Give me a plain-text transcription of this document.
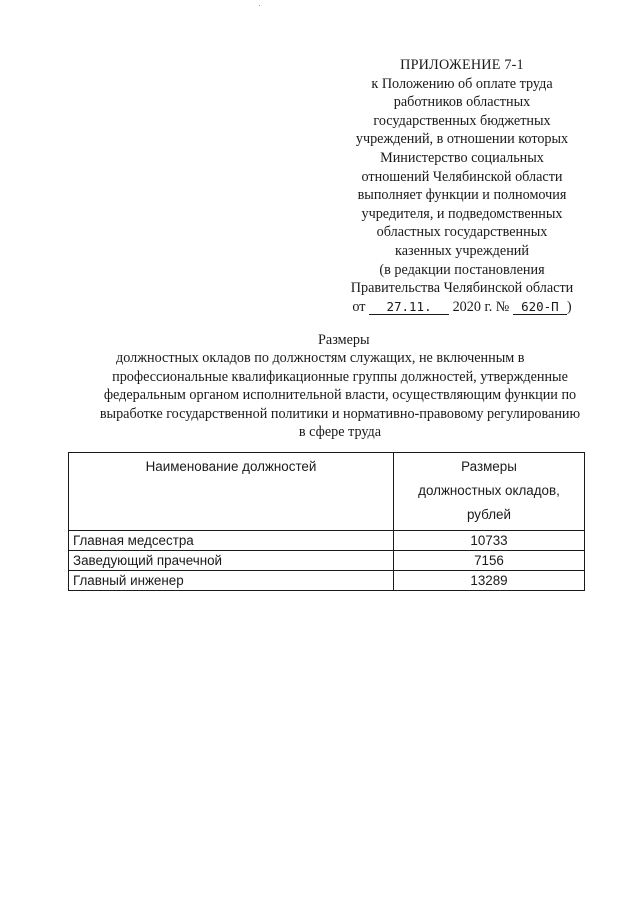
ПРИЛОЖЕНИЕ 7-1
к Положению об оплате труда
работников областных
государственных бюджетных
учреждений, в отношении которых
Министерство социальных
отношений Челябинской области
выполняет функции и полномочия
учредителя, и подведомственных
областных государственных
казенных учреждений
(в редакции постановления
Правительства Челябинской области
от 27.11. 2020 г. № 620-П )
Размеры
должностных окладов по должностям служащих, не включенным в
профессиональные квалификационные группы должностей, утвержденные
федеральным органом исполнительной власти, осуществляющим функции по
выработке государственной политики и нормативно-правовому регулированию
в сфере труда
Наименование должностей	Размеры
должностных окладов,
рублей

Главная медсестра	10733
Заведующий прачечной	7156
Главный инженер	13289
